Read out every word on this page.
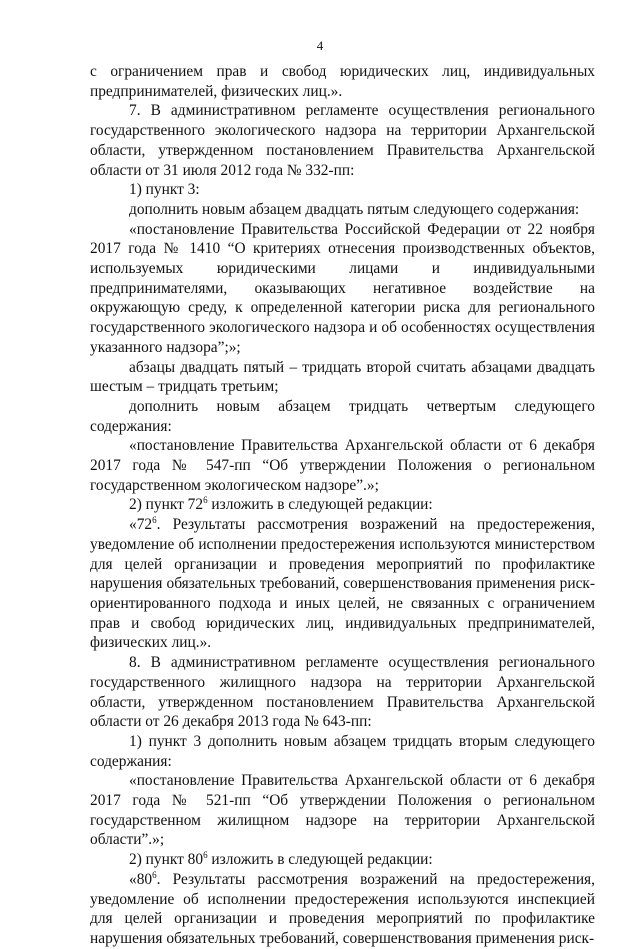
4

с ограничением прав и свобод юридических лиц, индивидуальных предпринимателей, физических лиц.».

7. В административном регламенте осуществления регионального государственного экологического надзора на территории Архангельской области, утвержденном постановлением Правительства Архангельской области от 31 июля 2012 года № 332-пп:

1) пункт 3:

дополнить новым абзацем двадцать пятым следующего содержания:

«постановление Правительства Российской Федерации от 22 ноября 2017 года № 1410 “О критериях отнесения производственных объектов, используемых юридическими лицами и индивидуальными предпринимателями, оказывающих негативное воздействие на окружающую среду, к определенной категории риска для регионального государственного экологического надзора и об особенностях осуществления указанного надзора”;»;

абзацы двадцать пятый – тридцать второй считать абзацами двадцать шестым – тридцать третьим;

дополнить новым абзацем тридцать четвертым следующего содержания:

«постановление Правительства Архангельской области от 6 декабря 2017 года № 547-пп “Об утверждении Положения о региональном государственном экологическом надзоре”.»;

2) пункт $72^6$ изложить в следующей редакции:

«$72^6$. Результаты рассмотрения возражений на предостережения, уведомление об исполнении предостережения используются министерством для целей организации и проведения мероприятий по профилактике нарушения обязательных требований, совершенствования применения риск-ориентированного подхода и иных целей, не связанных с ограничением прав и свобод юридических лиц, индивидуальных предпринимателей, физических лиц.».

8. В административном регламенте осуществления регионального государственного жилищного надзора на территории Архангельской области, утвержденном постановлением Правительства Архангельской области от 26 декабря 2013 года № 643-пп:

1) пункт 3 дополнить новым абзацем тридцать вторым следующего содержания:

«постановление Правительства Архангельской области от 6 декабря 2017 года № 521-пп “Об утверждении Положения о региональном государственном жилищном надзоре на территории Архангельской области”.»;

2) пункт $80^6$ изложить в следующей редакции:

«$80^6$. Результаты рассмотрения возражений на предостережения, уведомление об исполнении предостережения используются инспекцией для целей организации и проведения мероприятий по профилактике нарушения обязательных требований, совершенствования применения риск-
